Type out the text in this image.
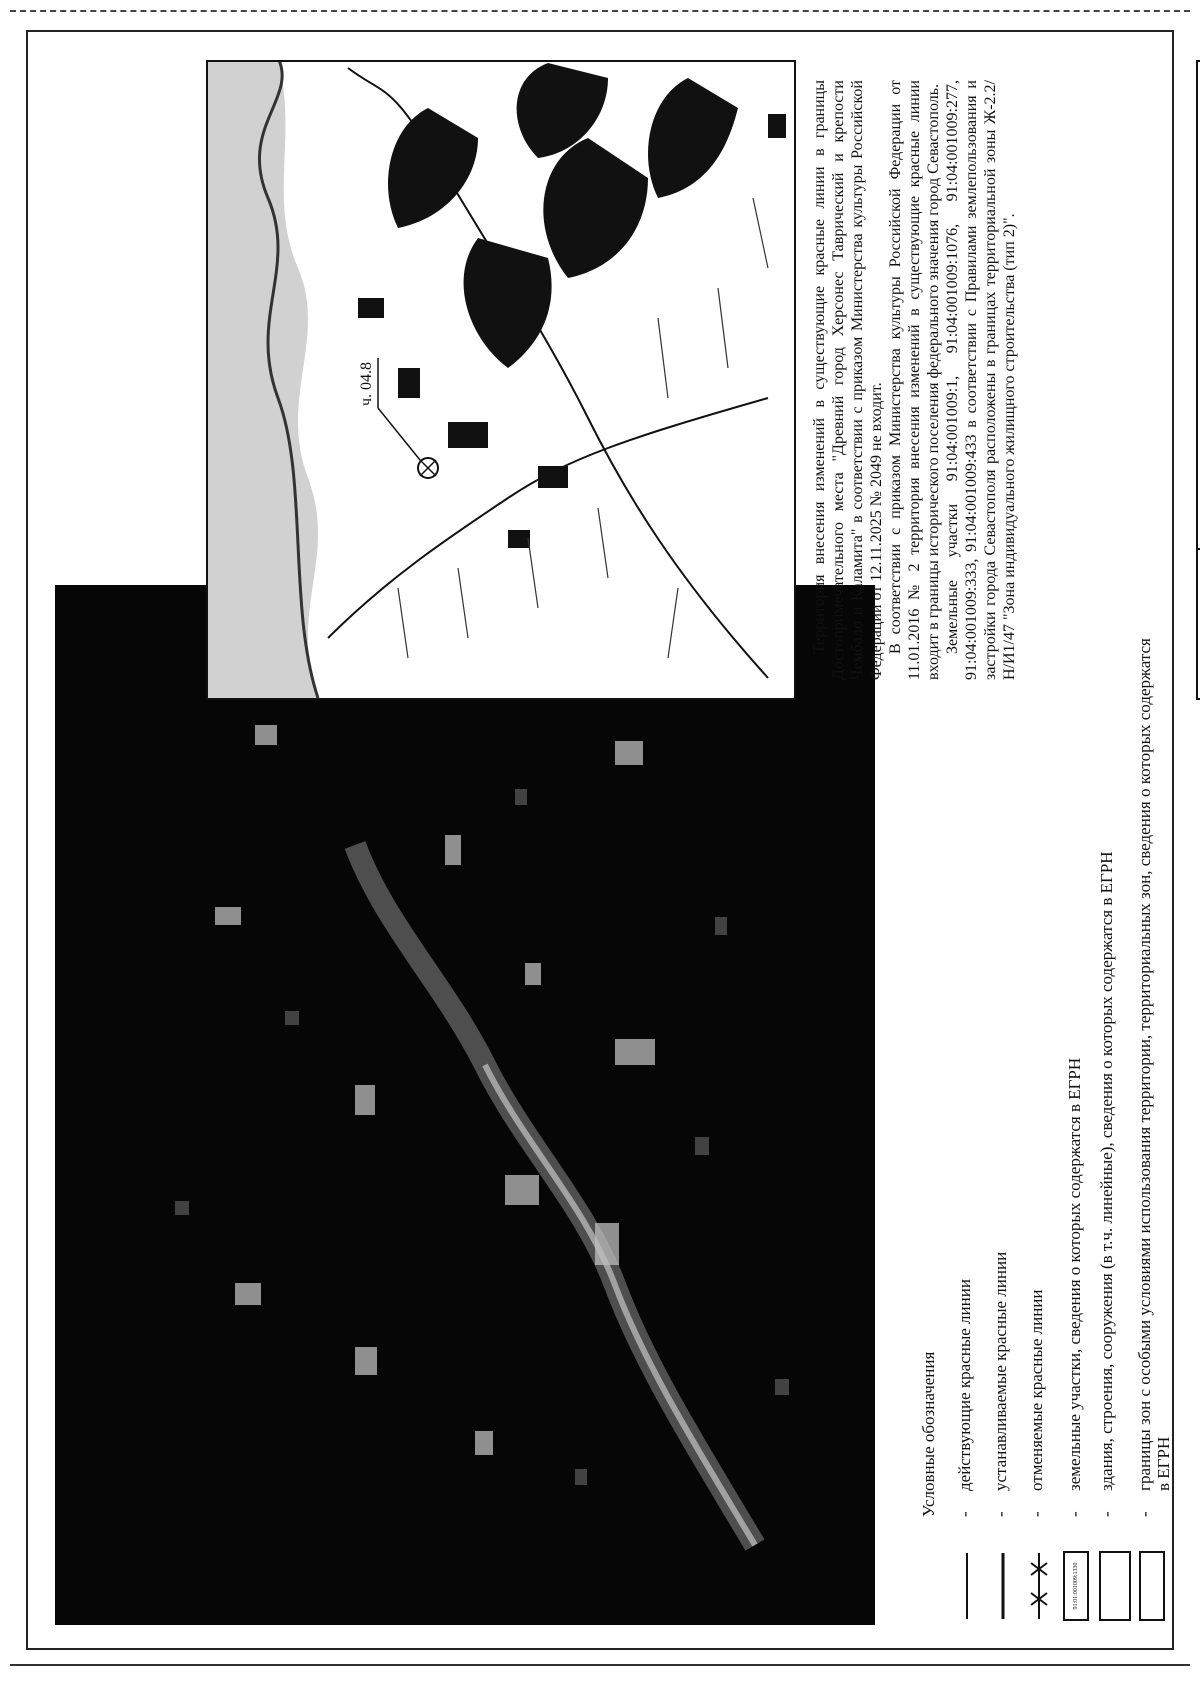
Условные обозначения -
действующие красные линии
-
устанавливаемые красные линии
-
отменяемые красные линии
91:01:001009:1330
-
земельные участки, сведения о которых содержатся в ЕГРН
-
здания, строения, сооружения (в т.ч. линейные), сведения о которых содержатся в ЕГРН
-
границы зон с особыми условиями использования территории, территориальных зон, сведения о которых содержатся в ЕГРН
ч. 04.8	Территория внесения изменений в существующие красные линии в границы Достопримечательного места "Древний город Херсонес Таврический и крепости Чембало и Каламита" в соответствии с приказом Министерства культуры Российской Федерации от 12.11.2025 № 2049 не входит. В соответствии с приказом Министерства культуры Российской Федерации от 11.01.2016 № 2 территория внесения изменений в существующие красные линии входит в границы исторического поселения федерального значения город Севастополь. Земельные участки 91:04:001009:1, 91:04:001009:1076, 91:04:001009:277, 91:04:001009:333, 91:04:001009:433 в соответствии с Правилами землепользования и застройки города Севастополя расположены в границах территориальной зоны Ж-2.2/Н/И1/47 "Зона индивидуального жилищного строительства (тип 2)".
